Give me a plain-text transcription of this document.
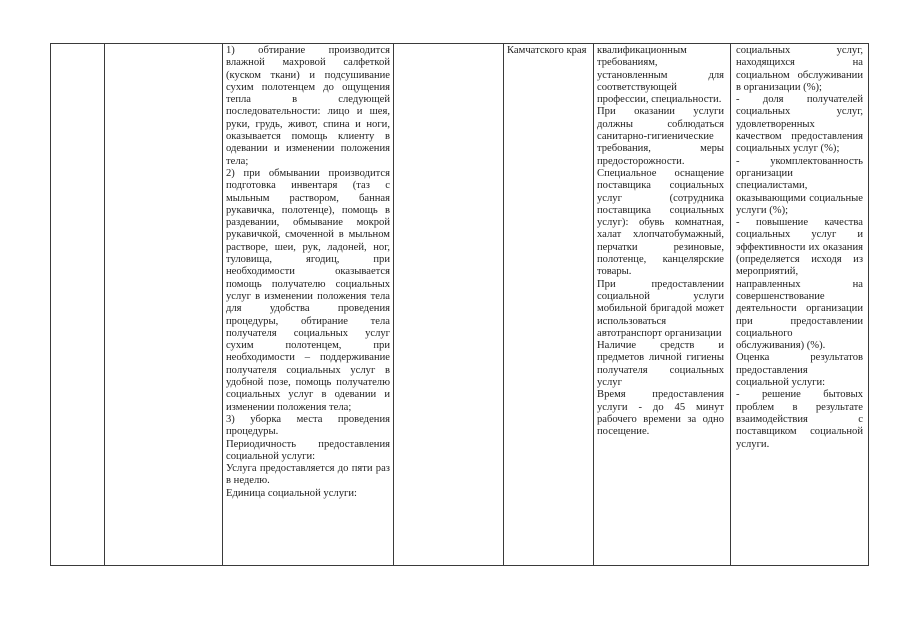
1) обтирание производится влажной махровой салфеткой (куском ткани) и подсушивание сухим полотенцем до ощущения тепла в следующей последовательности: лицо и шея, руки, грудь, живот, спина и ноги, оказывается помощь клиенту в одевании и изменении положения тела;

2) при обмывании производится подготовка инвентаря (таз с мыльным раствором, банная рукавичка, полотенце), помощь в раздевании, обмывание мокрой рукавичкой, смоченной в мыльном растворе, шеи, рук, ладоней, ног, туловища, ягодиц, при необходимости оказывается помощь получателю социальных услуг в изменении положения тела для удобства проведения процедуры, обтирание тела получателя социальных услуг сухим полотенцем, при необходимости – поддерживание получателя социальных услуг в удобной позе, помощь получателю социальных услуг в одевании и изменении положения тела;

3) уборка места проведения процедуры.

Периодичность предоставления социальной услуги:

Услуга предоставляется до пяти раз в неделю.

Единица социальной услуги:

Камчатского края квалификационным требованиям, установленным для соответствующей профессии, специальности.

При оказании услуги должны соблюдаться санитарно-гигиенические требования, меры предосторожности.

Специальное оснащение поставщика социальных услуг (сотрудника поставщика социальных услуг): обувь комнатная, халат хлопчатобумажный, перчатки резиновые, полотенце, канцелярские товары.

При предоставлении социальной услуги мобильной бригадой может использоваться автотранспорт организации

Наличие средств и предметов личной гигиены получателя социальных услуг

Время предоставления услуги - до 45 минут рабочего времени за одно посещение.

социальных услуг, находящихся на социальном обслуживании в организации (%);

- доля получателей социальных услуг, удовлетворенных качеством предоставления социальных услуг (%);

- укомплектованность организации специалистами, оказывающими социальные услуги (%);

- повышение качества социальных услуг и эффективности их оказания (определяется исходя из мероприятий, направленных на совершенствование деятельности организации при предоставлении социального обслуживания) (%).

Оценка результатов предоставления социальной услуги:

- решение бытовых проблем в результате взаимодействия с поставщиком социальной услуги.
